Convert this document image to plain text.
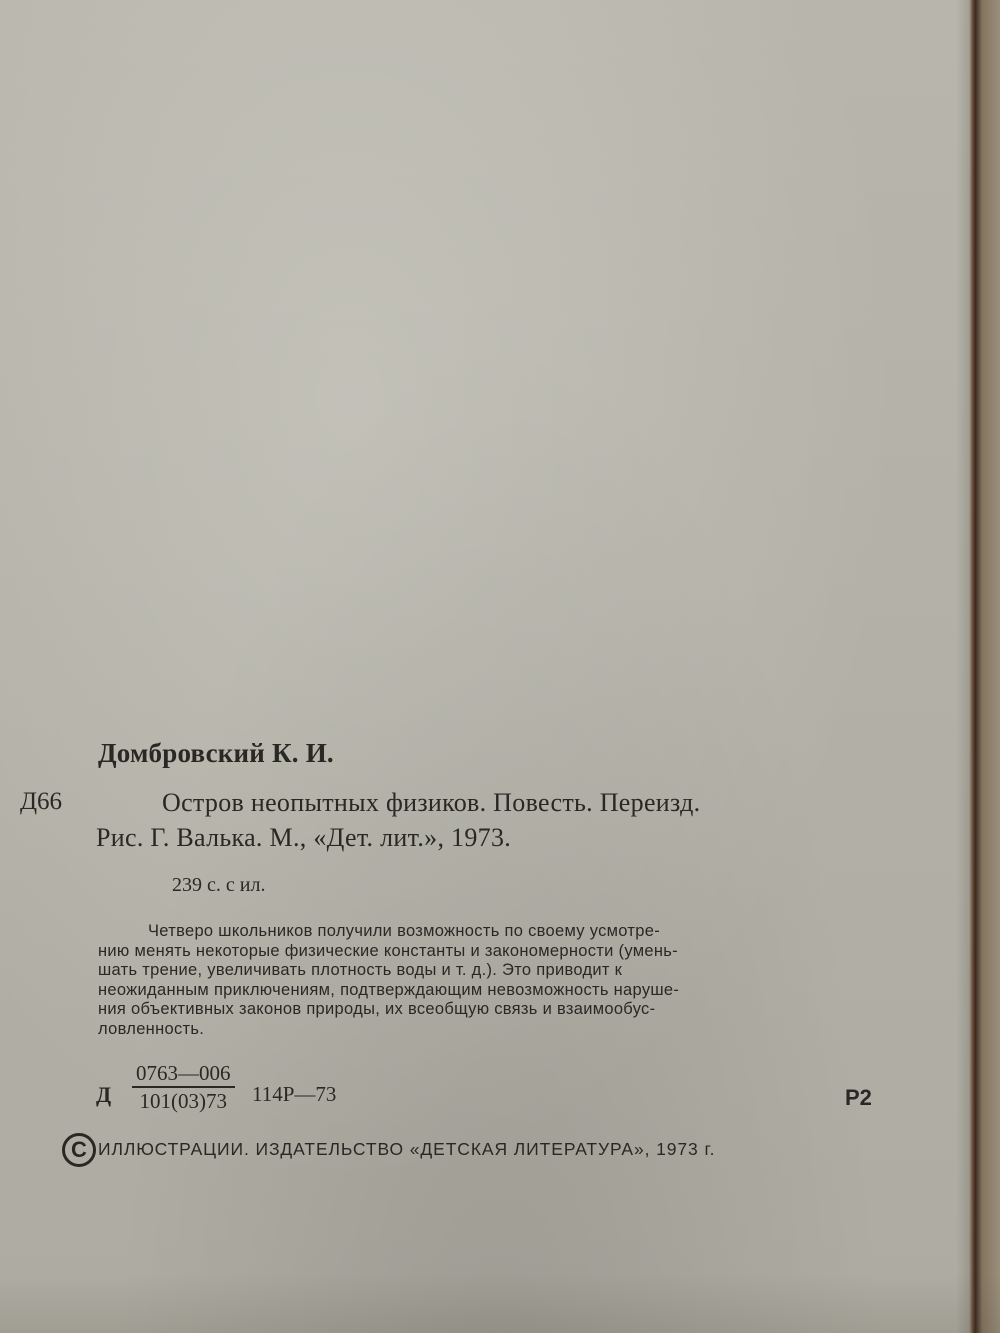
Домбровский К. И.
Д66	Остров неопытных физиков. Повесть. Переизд.
Рис. Г. Валька. М., «Дет. лит.», 1973.
239 с. с ил.
Четверо школьников получили возможность по своему усмотре-
нию менять некоторые физические константы и закономерности (умень-
шать трение, увеличивать плотность воды и т. д.). Это приводит к
неожиданным приключениям, подтверждающим невозможность наруше-
ния объективных законов природы, их всеобщую связь и взаимообус-
ловленность.
Д $\frac{0763—006}{101(03)73}$ 114Р—73	Р2
С ИЛЛЮСТРАЦИИ. ИЗДАТЕЛЬСТВО «ДЕТСКАЯ ЛИТЕРАТУРА», 1973 г.
